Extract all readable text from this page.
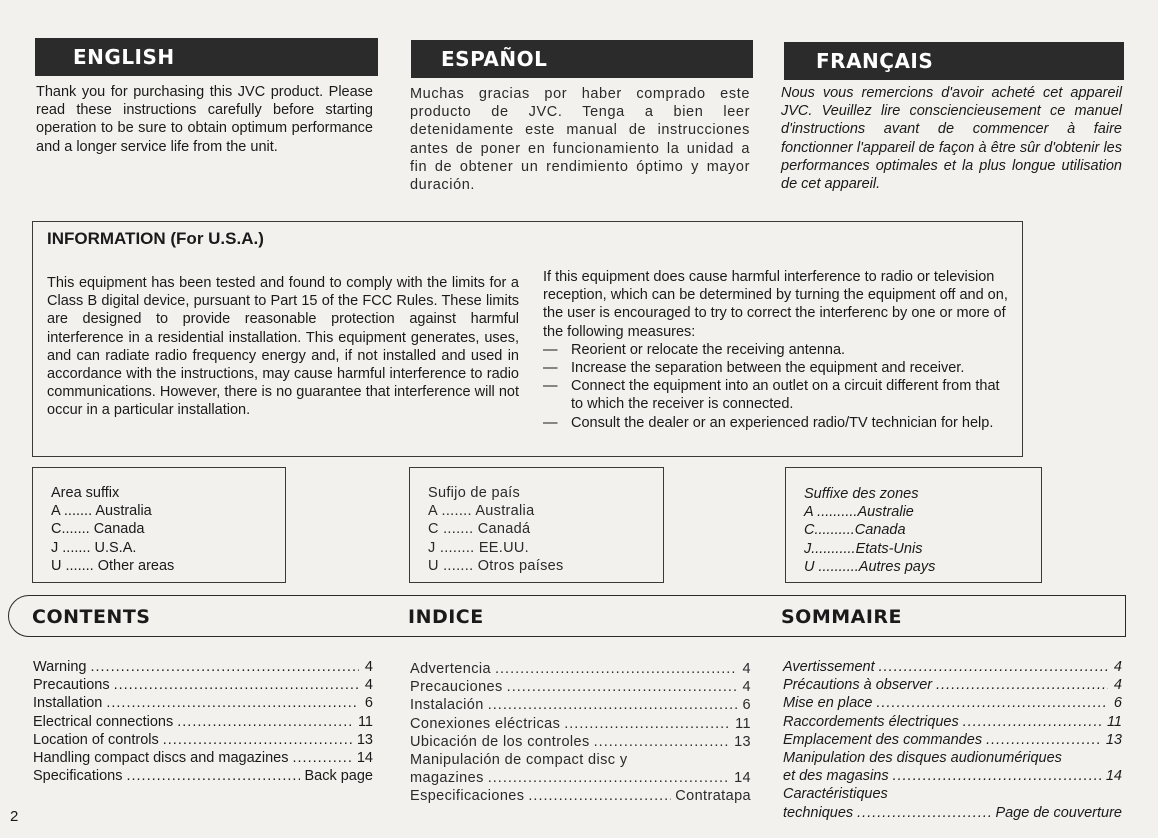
ENGLISH	ESPAÑOL	FRANÇAIS
Thank you for purchasing this JVC product. Please read these instructions carefully before starting operation to be sure to obtain optimum performance and a longer service life from the unit.
Muchas gracias por haber comprado este producto de JVC. Tenga a bien leer detenidamente este manual de instrucciones antes de poner en funcionamiento la unidad a fin de obtener un rendimiento óptimo y mayor duración.
Nous vous remercions d'avoir acheté cet appareil JVC. Veuillez lire consciencieusement ce manuel d'instructions avant de commencer à faire fonctionner l'appareil de façon à être sûr d'obtenir les performances optimales et la plus longue utilisation de cet appareil.
INFORMATION (For U.S.A.)
This equipment has been tested and found to comply with the limits for a Class B digital device, pursuant to Part 15 of the FCC Rules. These limits are designed to provide reasonable protection against harmful interference in a residential installation. This equipment generates, uses, and can radiate radio frequency energy and, if not installed and used in accordance with the instructions, may cause harmful interference to radio communications. However, there is no guarantee that interference will not occur in a particular installation.
If this equipment does cause harmful interference to radio or television reception, which can be determined by turning the equipment off and on, the user is encouraged to try to correct the interferenc by one or more of the following measures:
— Reorient or relocate the receiving antenna.
— Increase the separation between the equipment and receiver.
— Connect the equipment into an outlet on a circuit different from that to which the receiver is connected.
— Consult the dealer or an experienced radio/TV technician for help.
Area suffix
A ....... Australia
C....... Canada
J ....... U.S.A.
U ....... Other areas
Sufijo de país
A ....... Australia
C ....... Canadá
J ........ EE.UU.
U ....... Otros países
Suffixe des zones
A ..........Australie
C..........Canada
J...........Etats-Unis
U ..........Autres pays
CONTENTS	INDICE	SOMMAIRE
Warning .....	4
Precautions .....	4
Installation .....	6
Electrical connections .....	11
Location of controls .....	13
Handling compact discs and magazines .....	14
Specifications .....	Back page
Advertencia .....	4
Precauciones .....	4
Instalación .....	6
Conexiones eléctricas .....	11
Ubicación de los controles .....	13
Manipulación de compact disc y
magazines .....	14
Especificaciones .....	Contratapa
Avertissement .....	4
Précautions à observer .....	4
Mise en place .....	6
Raccordements électriques .....	11
Emplacement des commandes .....	13
Manipulation des disques audionumériques
et des magasins .....	14
Caractéristiques
techniques .....	Page de couverture
2
